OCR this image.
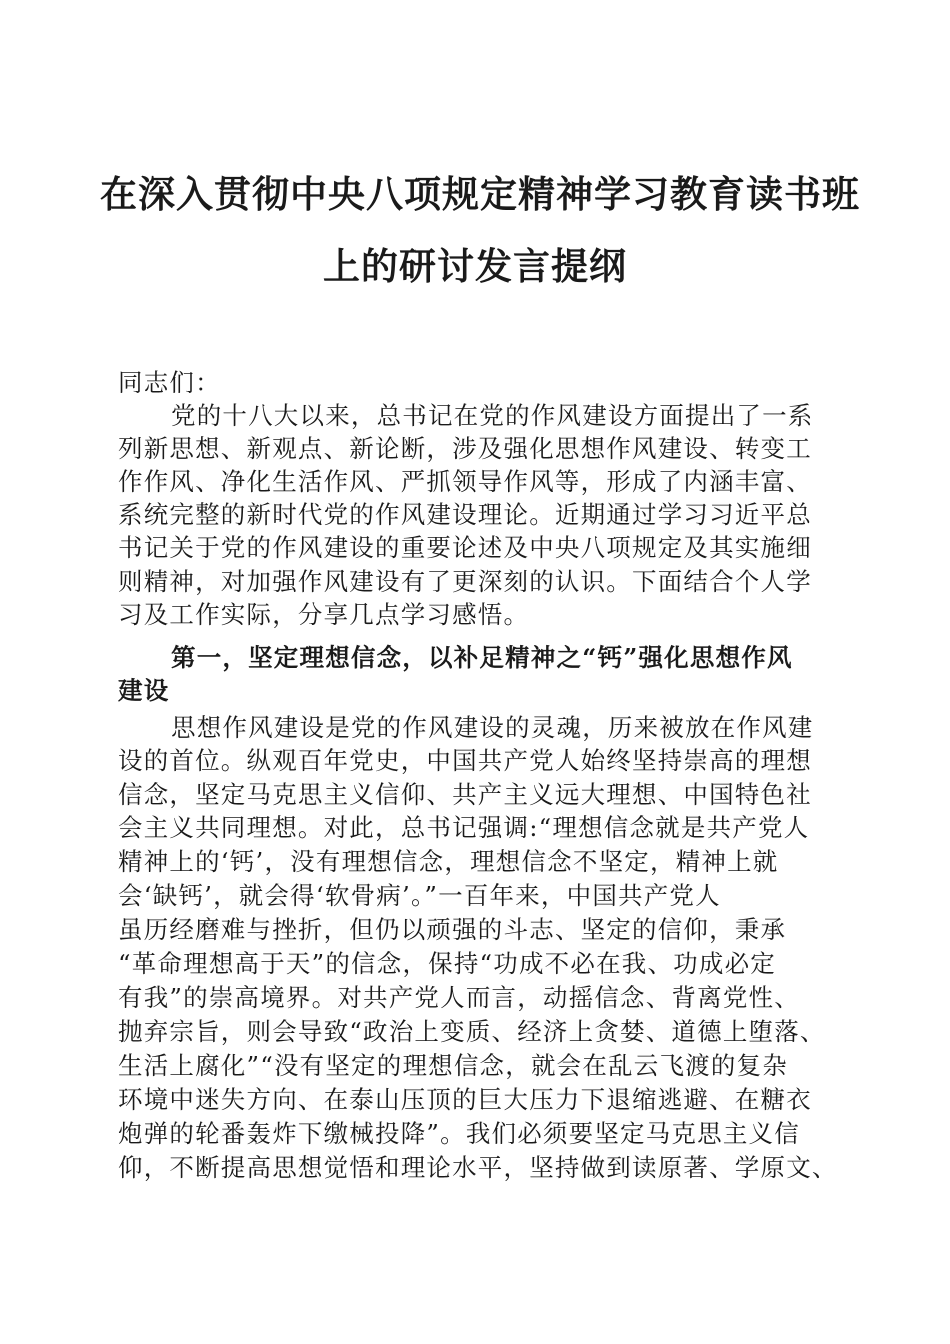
在深入贯彻中央八项规定精神学习教育读书班
上的研讨发言提纲
同志们：
党的十八大以来，总书记在党的作风建设方面提出了一系
列新思想、新观点、新论断，涉及强化思想作风建设、转变工
作作风、净化生活作风、严抓领导作风等，形成了内涵丰富、
系统完整的新时代党的作风建设理论。近期通过学习习近平总
书记关于党的作风建设的重要论述及中央八项规定及其实施细
则精神，对加强作风建设有了更深刻的认识。下面结合个人学
习及工作实际，分享几点学习感悟。
第一，坚定理想信念，以补足精神之“钙”强化思想作风
建设
思想作风建设是党的作风建设的灵魂，历来被放在作风建
设的首位。纵观百年党史，中国共产党人始终坚持崇高的理想
信念，坚定马克思主义信仰、共产主义远大理想、中国特色社
会主义共同理想。对此，总书记强调:“理想信念就是共产党人
精神上的‘钙’，没有理想信念，理想信念不坚定，精神上就
会‘缺钙’，就会得‘软骨病’。”一百年来，中国共产党人
虽历经磨难与挫折，但仍以顽强的斗志、坚定的信仰，秉承
“革命理想高于天”的信念，保持“功成不必在我、功成必定
有我”的崇高境界。对共产党人而言，动摇信念、背离党性、
抛弃宗旨，则会导致“政治上变质、经济上贪婪、道德上堕落、
生活上腐化”“没有坚定的理想信念，就会在乱云飞渡的复杂
环境中迷失方向、在泰山压顶的巨大压力下退缩逃避、在糖衣
炮弹的轮番轰炸下缴械投降”。我们必须要坚定马克思主义信
仰，不断提高思想觉悟和理论水平，坚持做到读原著、学原文、
